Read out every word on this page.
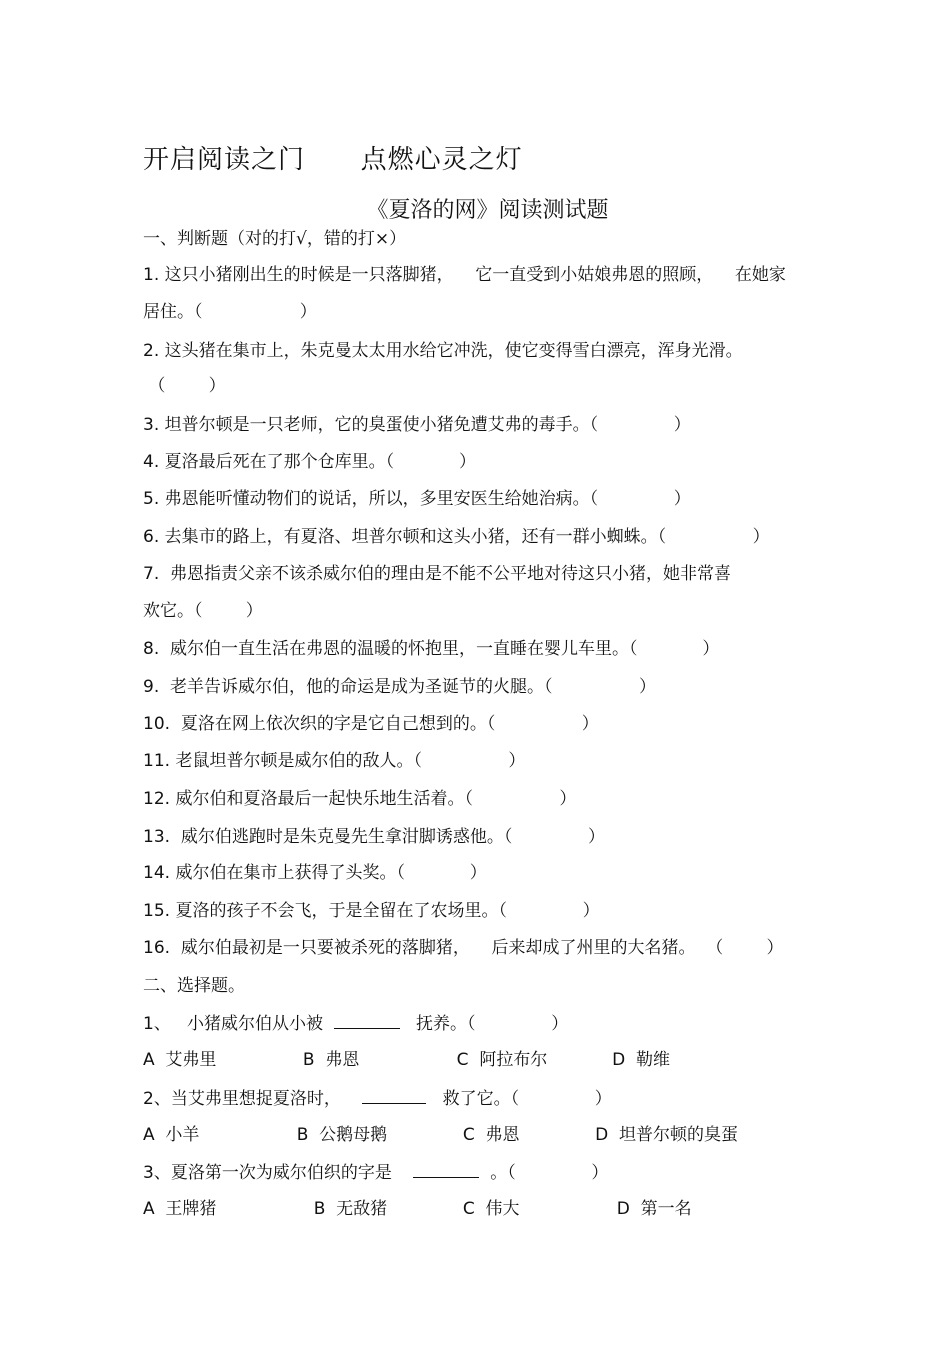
开启阅读之门      点燃心灵之灯
《夏洛的网》阅读测试题
一、判断题（对的打√，错的打×）
1. 这只小猪刚出生的时候是一只落脚猪，    它一直受到小姑娘弗恩的照顾，    在她家
居住。（                  ）
2. 这头猪在集市上，朱克曼太太用水给它冲洗，使它变得雪白漂亮，浑身光滑。
（        ）
3. 坦普尔顿是一只老师，它的臭蛋使小猪免遭艾弗的毒手。（              ）
4. 夏洛最后死在了那个仓库里。（            ）
5. 弗恩能听懂动物们的说话，所以，多里安医生给她治病。（              ）
6. 去集市的路上，有夏洛、坦普尔顿和这头小猪，还有一群小蜘蛛。（                ）
7.  弗恩指责父亲不该杀威尔伯的理由是不能不公平地对待这只小猪，她非常喜
欢它。（        ）
8.  威尔伯一直生活在弗恩的温暖的怀抱里，一直睡在婴儿车里。（            ）
9.  老羊告诉威尔伯，他的命运是成为圣诞节的火腿。（                ）
10.  夏洛在网上依次织的字是它自己想到的。（                ）
11. 老鼠坦普尔顿是威尔伯的敌人。（                ）
12. 威尔伯和夏洛最后一起快乐地生活着。（                ）
13.  威尔伯逃跑时是朱克曼先生拿泔脚诱惑他。（              ）
14. 威尔伯在集市上获得了头奖。（            ）
15. 夏洛的孩子不会飞，于是全留在了农场里。（              ）
16.  威尔伯最初是一只要被杀死的落脚猪，    后来却成了州里的大名猪。  （        ）
二、选择题。
1、   小猪威尔伯从小被	抚养。（              ）
A  艾弗里                B  弗恩                  C  阿拉布尔            D  勒维
2、当艾弗里想捉夏洛时，	救了它。（              ）
A  小羊                  B  公鹅母鹅              C  弗恩              D  坦普尔顿的臭蛋
3、夏洛第一次为威尔伯织的字是	。（              ）
A  王牌猪                  B  无敌猪              C  伟大                  D  第一名
